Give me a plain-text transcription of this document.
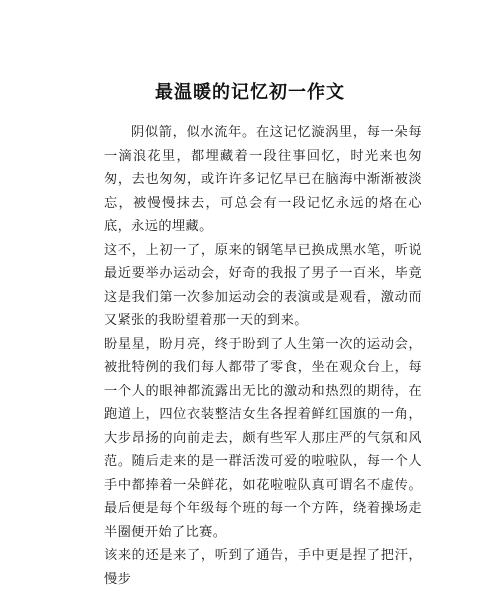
最温暖的记忆初一作文

阴似箭，似水流年。在这记忆漩涡里，每一朵每一滴浪花里，都埋藏着一段往事回忆，时光来也匆匆，去也匆匆，或许许多记忆早已在脑海中渐渐被淡忘，被慢慢抹去，可总会有一段记忆永远的烙在心底，永远的埋藏。

这不，上初一了，原来的钢笔早已换成黑水笔，听说最近要举办运动会，好奇的我报了男子一百米，毕竟这是我们第一次参加运动会的表演或是观看，激动而又紧张的我盼望着那一天的到来。

盼星星，盼月亮，终于盼到了人生第一次的运动会，被批特例的我们每人都带了零食，坐在观众台上，每一个人的眼神都流露出无比的激动和热烈的期待，在跑道上，四位衣装整洁女生各捏着鲜红国旗的一角，大步昂扬的向前走去，颇有些军人那庄严的气氛和风范。随后走来的是一群活泼可爱的啦啦队，每一个人手中都捧着一朵鲜花，如花啦啦队真可谓名不虚传。最后便是每个年级每个班的每一个方阵，绕着操场走半圈便开始了比赛。

该来的还是来了，听到了通告，手中更是捏了把汗，慢步
